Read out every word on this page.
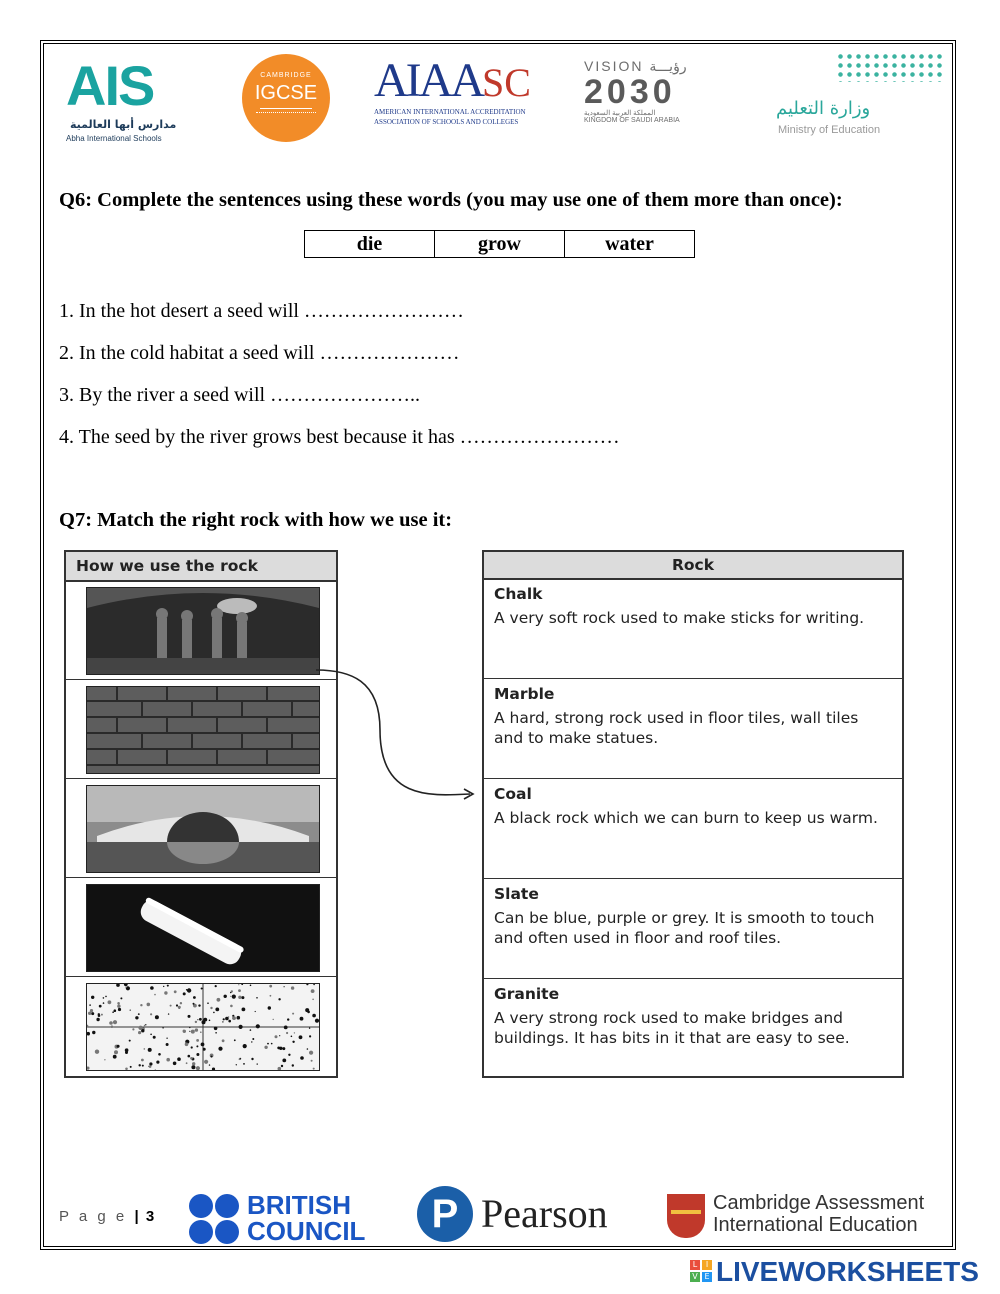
AIS
مدارس أبها العالمية
Abha International Schools
CAMBRIDGE
IGCSE AIAASC
AMERICAN INTERNATIONAL ACCREDITATION
ASSOCIATION OF SCHOOLS AND COLLEGES
VISION رؤيـــة
2030
المملكة العربية السعودية
KINGDOM OF SAUDI ARABIA
وزارة التعليم
Ministry of Education
Q6: Complete the sentences using these words (you may use one of them more than once):
die	grow	water
1. In the hot desert a seed will ……………………
2. In the cold habitat a seed will …………………
3. By the river a seed will …………………..
4. The seed by the river grows best because it has ……………………
Q7: Match the right rock with how we use it:
How we use the rock	Rock
Chalk
A very soft rock used to make sticks for writing.
Marble
A hard, strong rock used in floor tiles, wall tiles and to make statues.
Coal
A black rock which we can burn to keep us warm.
Slate
Can be blue, purple or grey. It is smooth to touch and often used in floor and roof tiles.
Granite
A very strong rock used to make bridges and buildings. It has bits in it that are easy to see.
P a g e | 3	BRITISH
COUNCIL	P Pearson	Cambridge Assessment
International Education
L	I
V E LIVEWORKSHEETS
